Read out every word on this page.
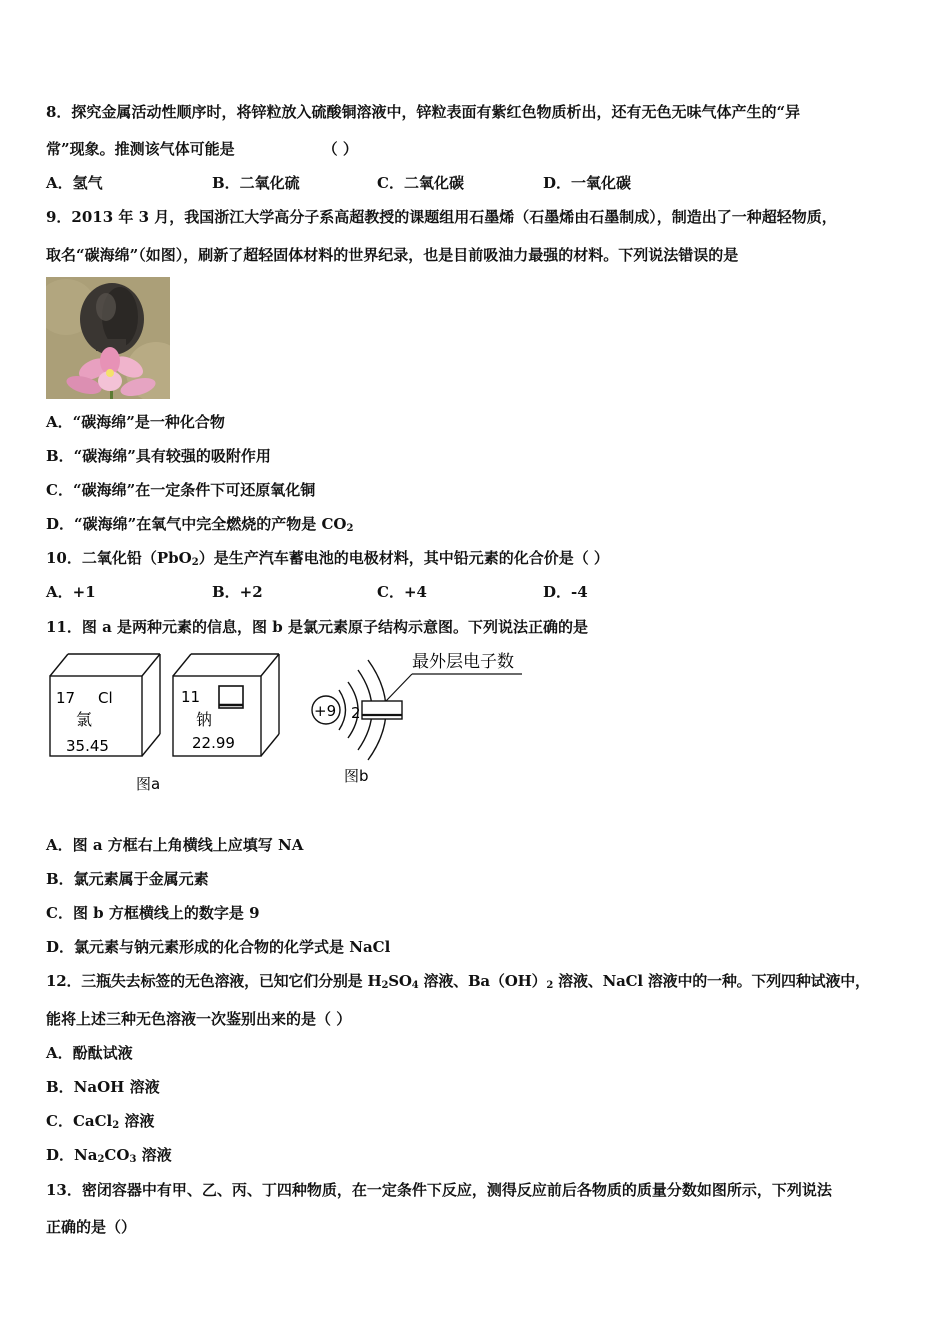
8．探究金属活动性顺序时，将锌粒放入硫酸铜溶液中，锌粒表面有紫红色物质析出，还有无色无味气体产生的“异
常”现象。推测该气体可能是	（ ）
A．氢气	B．二氧化硫	C．二氧化碳	D．一氧化碳
9．2013 年 3 月，我国浙江大学高分子系高超教授的课题组用石墨烯（石墨烯由石墨制成），制造出了一种超轻物质，
取名“碳海绵”（如图），刷新了超轻固体材料的世界纪录，也是目前吸油力最强的材料。下列说法错误的是
A．“碳海绵”是一种化合物
B．“碳海绵”具有较强的吸附作用
C．“碳海绵”在一定条件下可还原氧化铜
D．“碳海绵”在氧气中完全燃烧的产物是 $CO_2$
10．二氧化铅（PbO$_2$）是生产汽车蓄电池的电极材料，其中铅元素的化合价是（ ）
A．+1	B．+2	C．+4	D．-4
11．图 a 是两种元素的信息，图 b 是氯元素原子结构示意图。下列说法正确的是
17 Cl
氯
35.45
11
钠
22.99
图a
+9 2
最外层电子数
图b
A．图 a 方框右上角横线上应填写 NA
B．氯元素属于金属元素
C．图 b 方框横线上的数字是 9
D．氯元素与钠元素形成的化合物的化学式是 NaCl
12．三瓶失去标签的无色溶液，已知它们分别是 $H_2SO_4$ 溶液、$Ba(OH)_2$ 溶液、NaCl 溶液中的一种。下列四种试液中，
能将上述三种无色溶液一次鉴别出来的是（ ）
A．酚酞试液
B．NaOH 溶液
C．CaCl$_2$ 溶液
D．$Na_2CO_3$ 溶液
13．密闭容器中有甲、乙、丙、丁四种物质，在一定条件下反应，测得反应前后各物质的质量分数如图所示，下列说法
正确的是（）
